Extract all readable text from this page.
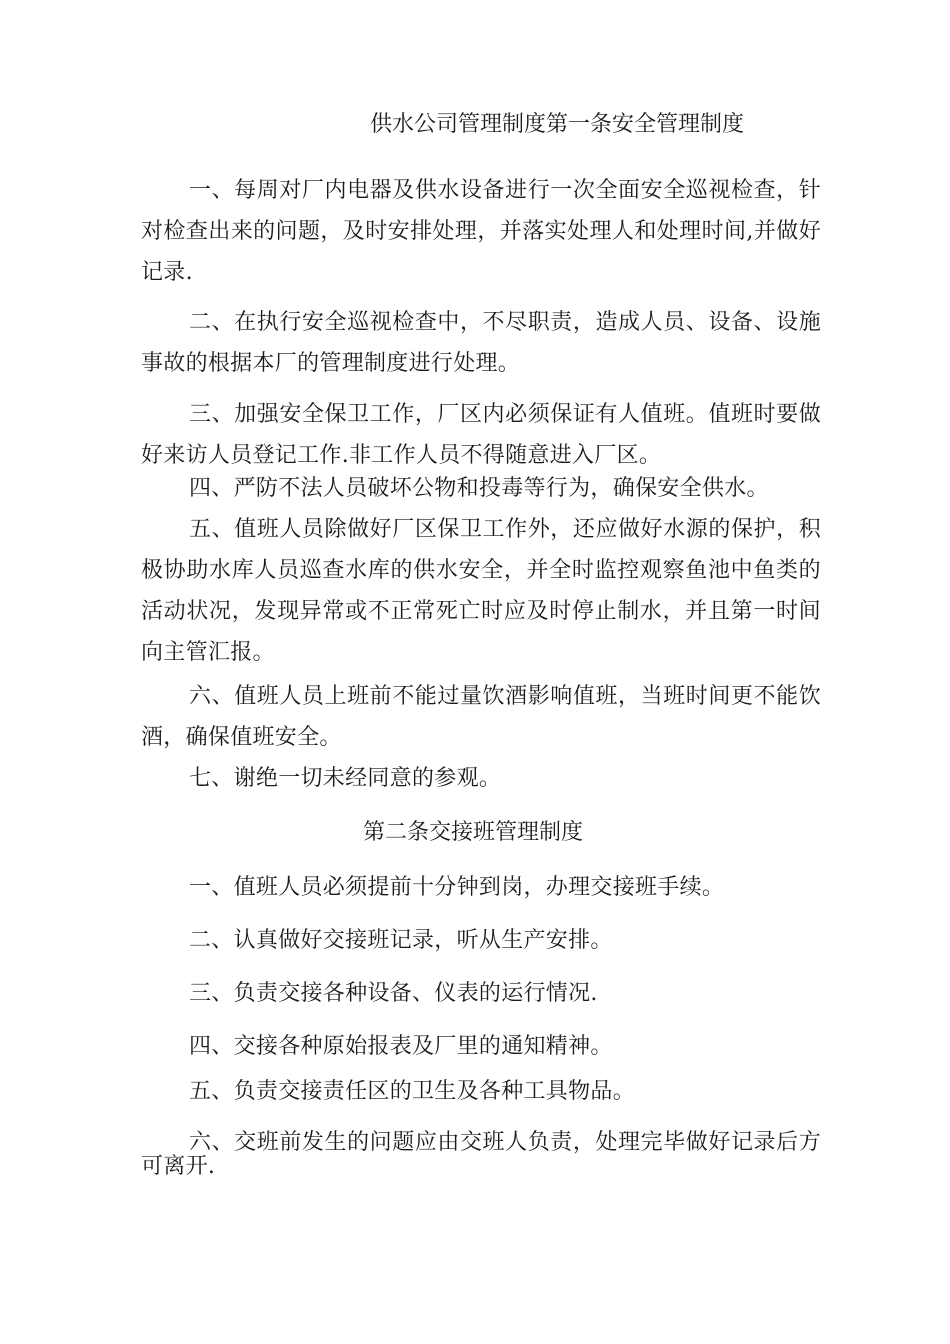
供水公司管理制度第一条安全管理制度

一、每周对厂内电器及供水设备进行一次全面安全巡视检查，针对检查出来的问题，及时安排处理，并落实处理人和处理时间,并做好记录.

二、在执行安全巡视检查中，不尽职责，造成人员、设备、设施事故的根据本厂的管理制度进行处理。

三、加强安全保卫工作，厂区内必须保证有人值班。值班时要做好来访人员登记工作.非工作人员不得随意进入厂区。

四、严防不法人员破坏公物和投毒等行为，确保安全供水。

五、值班人员除做好厂区保卫工作外，还应做好水源的保护，积极协助水库人员巡查水库的供水安全，并全时监控观察鱼池中鱼类的活动状况，发现异常或不正常死亡时应及时停止制水，并且第一时间向主管汇报。

六、值班人员上班前不能过量饮酒影响值班，当班时间更不能饮酒，确保值班安全。

七、谢绝一切未经同意的参观。

第二条交接班管理制度

一、值班人员必须提前十分钟到岗，办理交接班手续。

二、认真做好交接班记录，听从生产安排。

三、负责交接各种设备、仪表的运行情况.

四、交接各种原始报表及厂里的通知精神。

五、负责交接责任区的卫生及各种工具物品。

六、交班前发生的问题应由交班人负责，处理完毕做好记录后方可离开.
